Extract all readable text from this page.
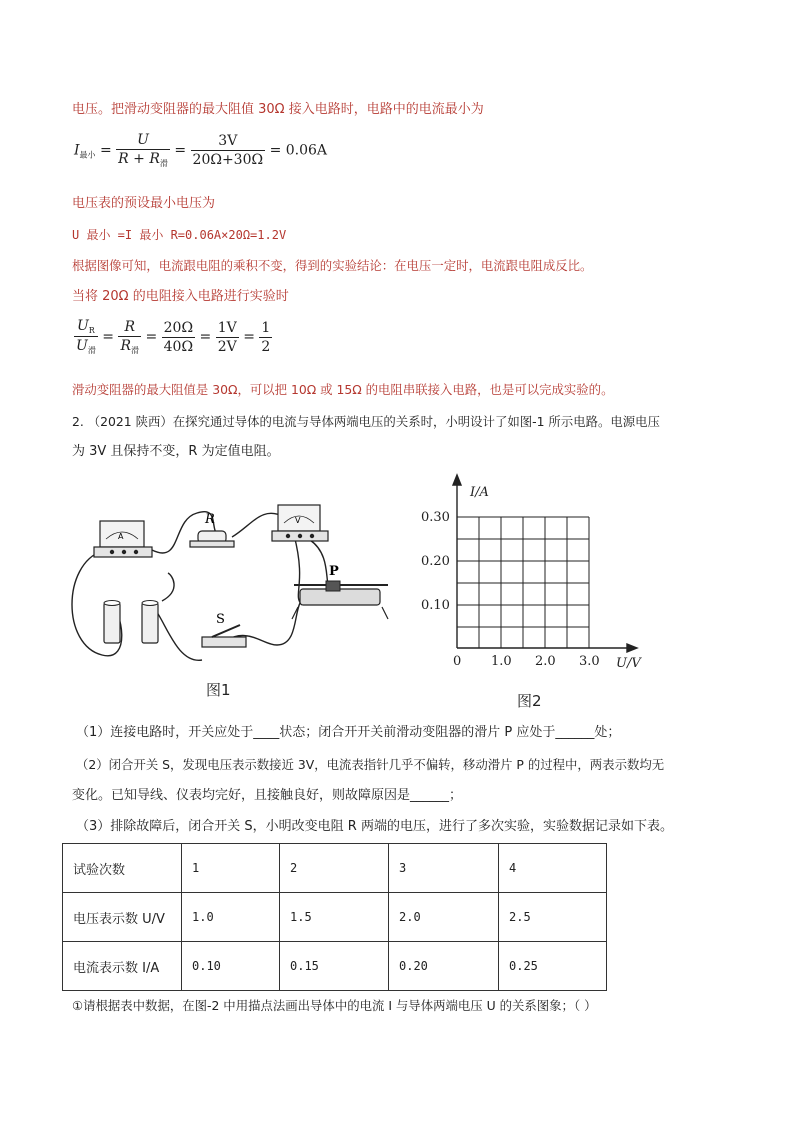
电压。把滑动变阻器的最大阻值 30Ω 接入电路时，电路中的电流最小为
$I_{最小} = \frac{U}{R + R_滑} = \frac{3V}{20\Omega+30\Omega} = 0.06A$
电压表的预设最小电压为
U 最小 =I 最小 R=0.06A×20Ω=1.2V
根据图像可知，电流跟电阻的乘积不变，得到的实验结论：在电压一定时，电流跟电阻成反比。
当将 20Ω 的电阻接入电路进行实验时
$\frac{U_R}{U_滑} = \frac{R}{R_滑} = \frac{20\Omega}{40\Omega} = \frac{1V}{2V} = \frac{1}{2}$
滑动变阻器的最大阻值是 30Ω，可以把 10Ω 或 15Ω 的电阻串联接入电路，也是可以完成实验的。
2. （2021 陕西）在探究通过导体的电流与导体两端电压的关系时，小明设计了如图-1 所示电路。电源电压
为 3V 且保持不变，R 为定值电阻。
A
R	V
P
S
图1
I/A
U/V
0.30
0.20
0.10
0 1.0 2.0 3.0
图2
（1）连接电路时，开关应处于____状态；闭合开开关前滑动变阻器的滑片 P 应处于______处；
（2）闭合开关 S，发现电压表示数接近 3V，电流表指针几乎不偏转，移动滑片 P 的过程中，两表示数均无
变化。已知导线、仪表均完好，且接触良好，则故障原因是______；
（3）排除故障后，闭合开关 S，小明改变电阻 R 两端的电压，进行了多次实验，实验数据记录如下表。
试验次数	1	2	3	4
电压表示数 U/V	1.0	1.5	2.0	2.5
电流表示数 I/A	0.10	0.15	0.20	0.25
①请根据表中数据，在图-2 中用描点法画出导体中的电流 I 与导体两端电压 U 的关系图象；（ ）
